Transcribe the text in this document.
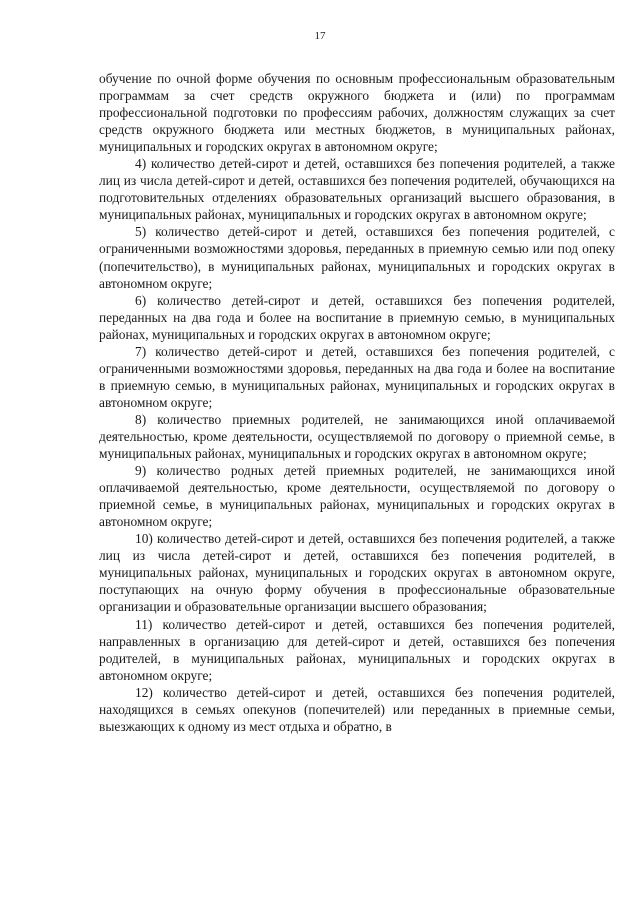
17

обучение по очной форме обучения по основным профессиональным образовательным программам за счет средств окружного бюджета и (или) по программам профессиональной подготовки по профессиям рабочих, должностям служащих за счет средств окружного бюджета или местных бюджетов, в муниципальных районах, муниципальных и городских округах в автономном округе;

4) количество детей-сирот и детей, оставшихся без попечения родителей, а также лиц из числа детей-сирот и детей, оставшихся без попечения родителей, обучающихся на подготовительных отделениях образовательных организаций высшего образования, в муниципальных районах, муниципальных и городских округах в автономном округе;

5) количество детей-сирот и детей, оставшихся без попечения родителей, с ограниченными возможностями здоровья, переданных в приемную семью или под опеку (попечительство), в муниципальных районах, муниципальных и городских округах в автономном округе;

6) количество детей-сирот и детей, оставшихся без попечения родителей, переданных на два года и более на воспитание в приемную семью, в муниципальных районах, муниципальных и городских округах в автономном округе;

7) количество детей-сирот и детей, оставшихся без попечения родителей, с ограниченными возможностями здоровья, переданных на два года и более на воспитание в приемную семью, в муниципальных районах, муниципальных и городских округах в автономном округе;

8) количество приемных родителей, не занимающихся иной оплачиваемой деятельностью, кроме деятельности, осуществляемой по договору о приемной семье, в муниципальных районах, муниципальных и городских округах в автономном округе;

9) количество родных детей приемных родителей, не занимающихся иной оплачиваемой деятельностью, кроме деятельности, осуществляемой по договору о приемной семье, в муниципальных районах, муниципальных и городских округах в автономном округе;

10) количество детей-сирот и детей, оставшихся без попечения родителей, а также лиц из числа детей-сирот и детей, оставшихся без попечения родителей, в муниципальных районах, муниципальных и городских округах в автономном округе, поступающих на очную форму обучения в профессиональные образовательные организации и образовательные организации высшего образования;

11) количество детей-сирот и детей, оставшихся без попечения родителей, направленных в организацию для детей-сирот и детей, оставшихся без попечения родителей, в муниципальных районах, муниципальных и городских округах в автономном округе;

12) количество детей-сирот и детей, оставшихся без попечения родителей, находящихся в семьях опекунов (попечителей) или переданных в приемные семьи, выезжающих к одному из мест отдыха и обратно, в
